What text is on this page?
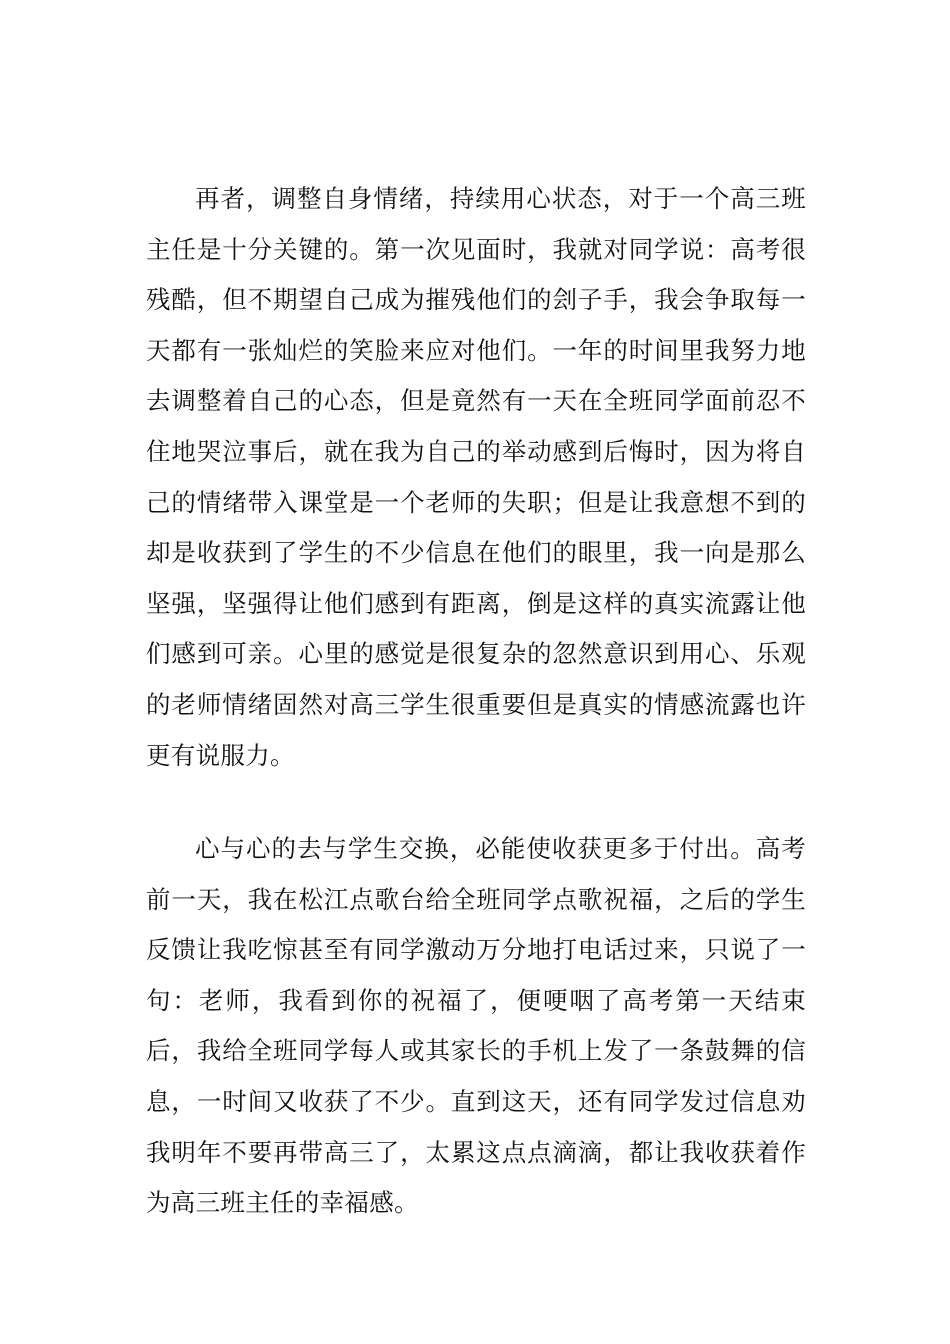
再者，调整自身情绪，持续用心状态，对于一个高三班主任是十分关键的。第一次见面时，我就对同学说：高考很残酷，但不期望自己成为摧残他们的刽子手，我会争取每一天都有一张灿烂的笑脸来应对他们。一年的时间里我努力地去调整着自己的心态，但是竟然有一天在全班同学面前忍不住地哭泣事后，就在我为自己的举动感到后悔时，因为将自己的情绪带入课堂是一个老师的失职；但是让我意想不到的却是收获到了学生的不少信息在他们的眼里，我一向是那么坚强，坚强得让他们感到有距离，倒是这样的真实流露让他们感到可亲。心里的感觉是很复杂的忽然意识到用心、乐观的老师情绪固然对高三学生很重要但是真实的情感流露也许更有说服力。

心与心的去与学生交换，必能使收获更多于付出。高考前一天，我在松江点歌台给全班同学点歌祝福，之后的学生反馈让我吃惊甚至有同学激动万分地打电话过来，只说了一句：老师，我看到你的祝福了，便哽咽了高考第一天结束后，我给全班同学每人或其家长的手机上发了一条鼓舞的信息，一时间又收获了不少。直到这天，还有同学发过信息劝我明年不要再带高三了，太累这点点滴滴，都让我收获着作为高三班主任的幸福感。
